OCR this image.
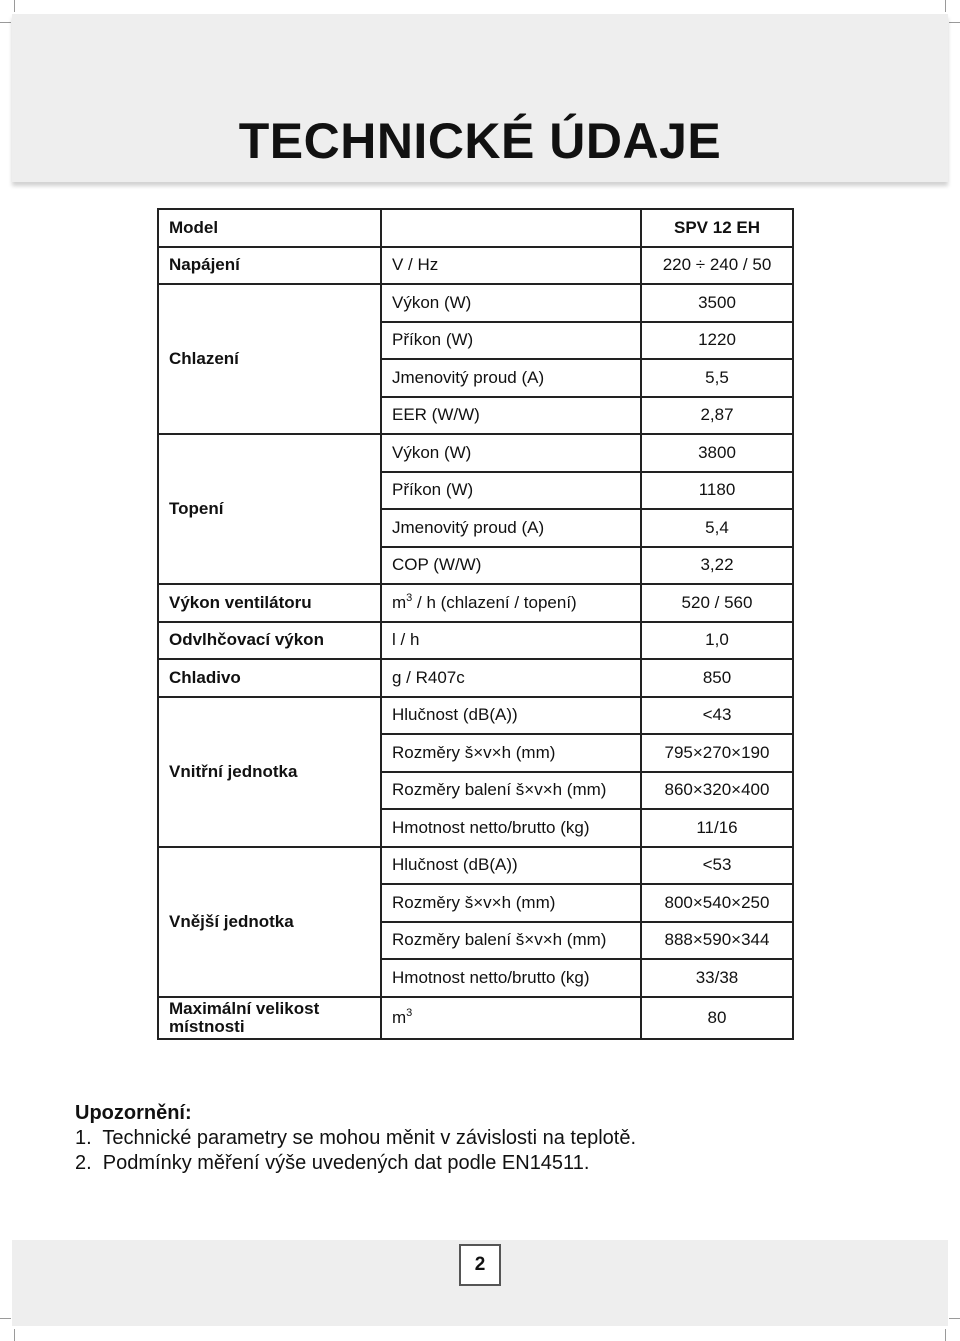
TECHNICKÉ ÚDAJE
Model		SPV 12 EH
Napájení	V / Hz	220 ÷ 240 / 50
Chlazení	Výkon (W)	3500
	Příkon (W)	1220
	Jmenovitý proud (A)	5,5
	EER (W/W)	2,87
Topení	Výkon (W)	3800
	Příkon (W)	1180
	Jmenovitý proud (A)	5,4
	COP (W/W)	3,22
Výkon ventilátoru	$m^3$ / h (chlazení / topení)	520 / 560
Odvlhčovací výkon	l / h	1,0
Chladivo	g / R407c	850
Vnitřní jednotka	Hlučnost (dB(A))	<43
	Rozměry š×v×h (mm)	795×270×190
	Rozměry balení š×v×h (mm)	860×320×400
	Hmotnost netto/brutto (kg)	11/16
Vnější jednotka	Hlučnost (dB(A))	<53
	Rozměry š×v×h (mm)	800×540×250
	Rozměry balení š×v×h (mm)	888×590×344
	Hmotnost netto/brutto (kg)	33/38
Maximální velikost místnosti	$m^3$	80
Upozornění:
1.  Technické parametry se mohou měnit v závislosti na teplotě.
2.  Podmínky měření výše uvedených dat podle EN14511.
2
